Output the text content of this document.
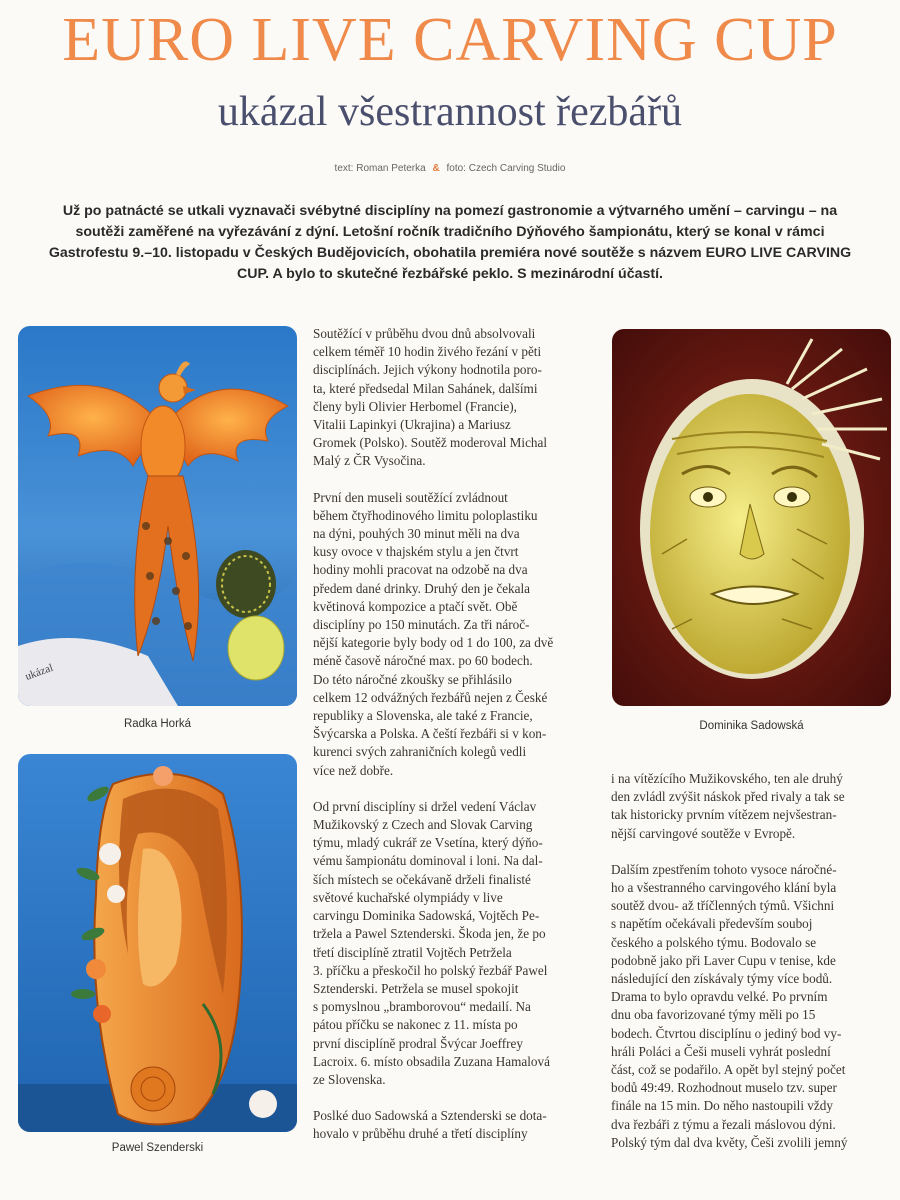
EURO LIVE CARVING CUP
ukázal všestrannost řezbářů
text: Roman Peterka & foto: Czech Carving Studio

Už po patnácté se utkali vyznavači svébytné disciplíny na pomezí gastronomie a výtvarného umění – carvingu – na

soutěži zaměřené na vyřezávání z dýní. Letošní ročník tradičního Dýňového šampionátu, který se konal v rámci

Gastrofestu 9.–10. listopadu v Českých Budějovicích, obohatila premiéra nové soutěže s názvem EURO LIVE CARVING

CUP. A bylo to skutečné řezbářské peklo. S mezinárodní účastí.

ukázal
Radka Horká	Dominika Sadowská
Pawel Szenderski

Soutěžící v průběhu dvou dnů absolvovali
celkem téměř 10 hodin živého řezání v pěti
disciplínách. Jejich výkony hodnotila poro-
ta, které předsedal Milan Sahánek, dalšími
členy byli Olivier Herbomel (Francie),
Vitalii Lapinkyi (Ukrajina) a Mariusz
Gromek (Polsko). Soutěž moderoval Michal
Malý z ČR Vysočina.

První den museli soutěžící zvládnout
během čtyřhodinového limitu poloplastiku
na dýni, pouhých 30 minut měli na dva
kusy ovoce v thajském stylu a jen čtvrt
hodiny mohli pracovat na odzobě na dva
předem dané drinky. Druhý den je čekala
květinová kompozice a ptačí svět. Obě
disciplíny po 150 minutách. Za tři nároč-
nější kategorie byly body od 1 do 100, za dvě
méně časově náročné max. po 60 bodech.
Do této náročné zkoušky se přihlásilo
celkem 12 odvážných řezbářů nejen z České
republiky a Slovenska, ale také z Francie,
Švýcarska a Polska. A čeští řezbáři si v kon-
kurenci svých zahraničních kolegů vedli
více než dobře.

Od první disciplíny si držel vedení Václav
Mužikovský z Czech and Slovak Carving
týmu, mladý cukrář ze Vsetína, který dýňo-
vému šampionátu dominoval i loni. Na dal-
ších místech se očekávaně drželi finalisté
světové kuchařské olympiády v live
carvingu Dominika Sadowská, Vojtěch Pe-
tržela a Pawel Sztenderski. Škoda jen, že po
třetí disciplíně ztratil Vojtěch Petržela
3. příčku a přeskočil ho polský řezbář Pawel
Sztenderski. Petržela se musel spokojit
s pomyslnou „bramborovou“ medailí. Na
pátou příčku se nakonec z 11. místa po
první disciplíně prodral Švýcar Joeffrey
Lacroix. 6. místo obsadila Zuzana Hamalová
ze Slovenska.

Poslké duo Sadowská a Sztenderski se dota-
hovalo v průběhu druhé a třetí disciplíny

i na vítězícího Mužikovského, ten ale druhý
den zvládl zvýšit náskok před rivaly a tak se
tak historicky prvním vítězem nejvšestran-
nější carvingové soutěže v Evropě.

Dalším zpestřením tohoto vysoce náročné-
ho a všestranného carvingového klání byla
soutěž dvou- až tříčlenných týmů. Všichni
s napětím očekávali především souboj
českého a polského týmu. Bodovalo se
podobně jako při Laver Cupu v tenise, kde
následující den získávaly týmy více bodů.
Drama to bylo opravdu velké. Po prvním
dnu oba favorizované týmy měli po 15
bodech. Čtvrtou disciplínu o jediný bod vy-
hráli Poláci a Češi museli vyhrát poslední
část, což se podařilo. A opět byl stejný počet
bodů 49:49. Rozhodnout muselo tzv. super
finále na 15 min. Do něho nastoupili vždy
dva řezbáři z týmu a řezali máslovou dýni.
Polský tým dal dva květy, Češi zvolili jemný
